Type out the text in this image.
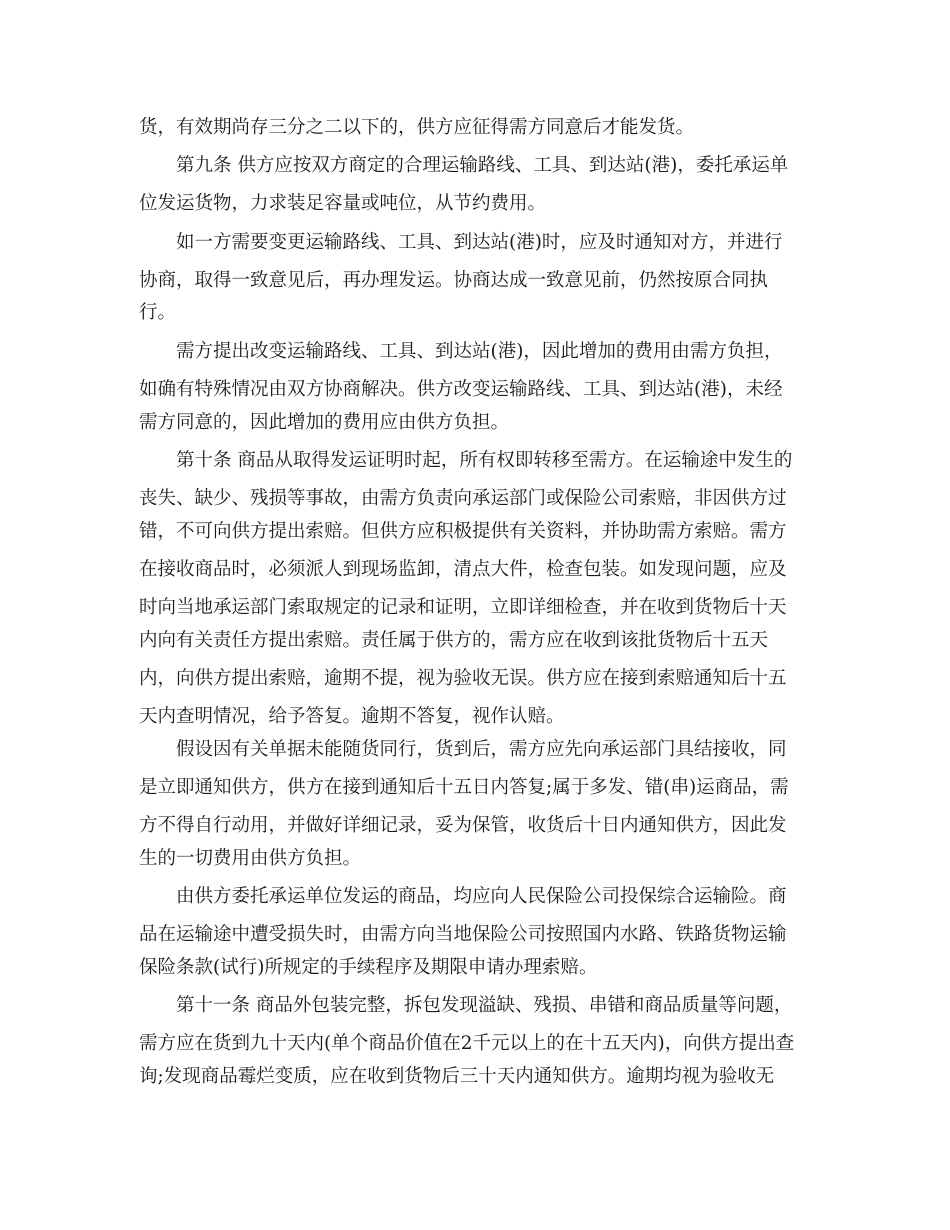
货，有效期尚存三分之二以下的，供方应征得需方同意后才能发货。

第九条 供方应按双方商定的合理运输路线、工具、到达站(港)，委托承运单

位发运货物，力求装足容量或吨位，从节约费用。

如一方需要变更运输路线、工具、到达站(港)时，应及时通知对方，并进行

协商，取得一致意见后，再办理发运。协商达成一致意见前，仍然按原合同执

行。

需方提出改变运输路线、工具、到达站(港)，因此增加的费用由需方负担，

如确有特殊情况由双方协商解决。供方改变运输路线、工具、到达站(港)，未经

需方同意的，因此增加的费用应由供方负担。

第十条 商品从取得发运证明时起，所有权即转移至需方。在运输途中发生的

丧失、缺少、残损等事故，由需方负责向承运部门或保险公司索赔，非因供方过

错，不可向供方提出索赔。但供方应积极提供有关资料，并协助需方索赔。需方

在接收商品时，必须派人到现场监卸，清点大件，检查包装。如发现问题，应及

时向当地承运部门索取规定的记录和证明，立即详细检查，并在收到货物后十天

内向有关责任方提出索赔。责任属于供方的，需方应在收到该批货物后十五天

内，向供方提出索赔，逾期不提，视为验收无误。供方应在接到索赔通知后十五

天内查明情况，给予答复。逾期不答复，视作认赔。

假设因有关单据未能随货同行，货到后，需方应先向承运部门具结接收，同

是立即通知供方，供方在接到通知后十五日内答复;属于多发、错(串)运商品，需

方不得自行动用，并做好详细记录，妥为保管，收货后十日内通知供方，因此发

生的一切费用由供方负担。

由供方委托承运单位发运的商品，均应向人民保险公司投保综合运输险。商

品在运输途中遭受损失时，由需方向当地保险公司按照国内水路、铁路货物运输

保险条款(试行)所规定的手续程序及期限申请办理索赔。

第十一条 商品外包装完整，拆包发现溢缺、残损、串错和商品质量等问题，

需方应在货到九十天内(单个商品价值在2千元以上的在十五天内)，向供方提出查

询;发现商品霉烂变质，应在收到货物后三十天内通知供方。逾期均视为验收无
